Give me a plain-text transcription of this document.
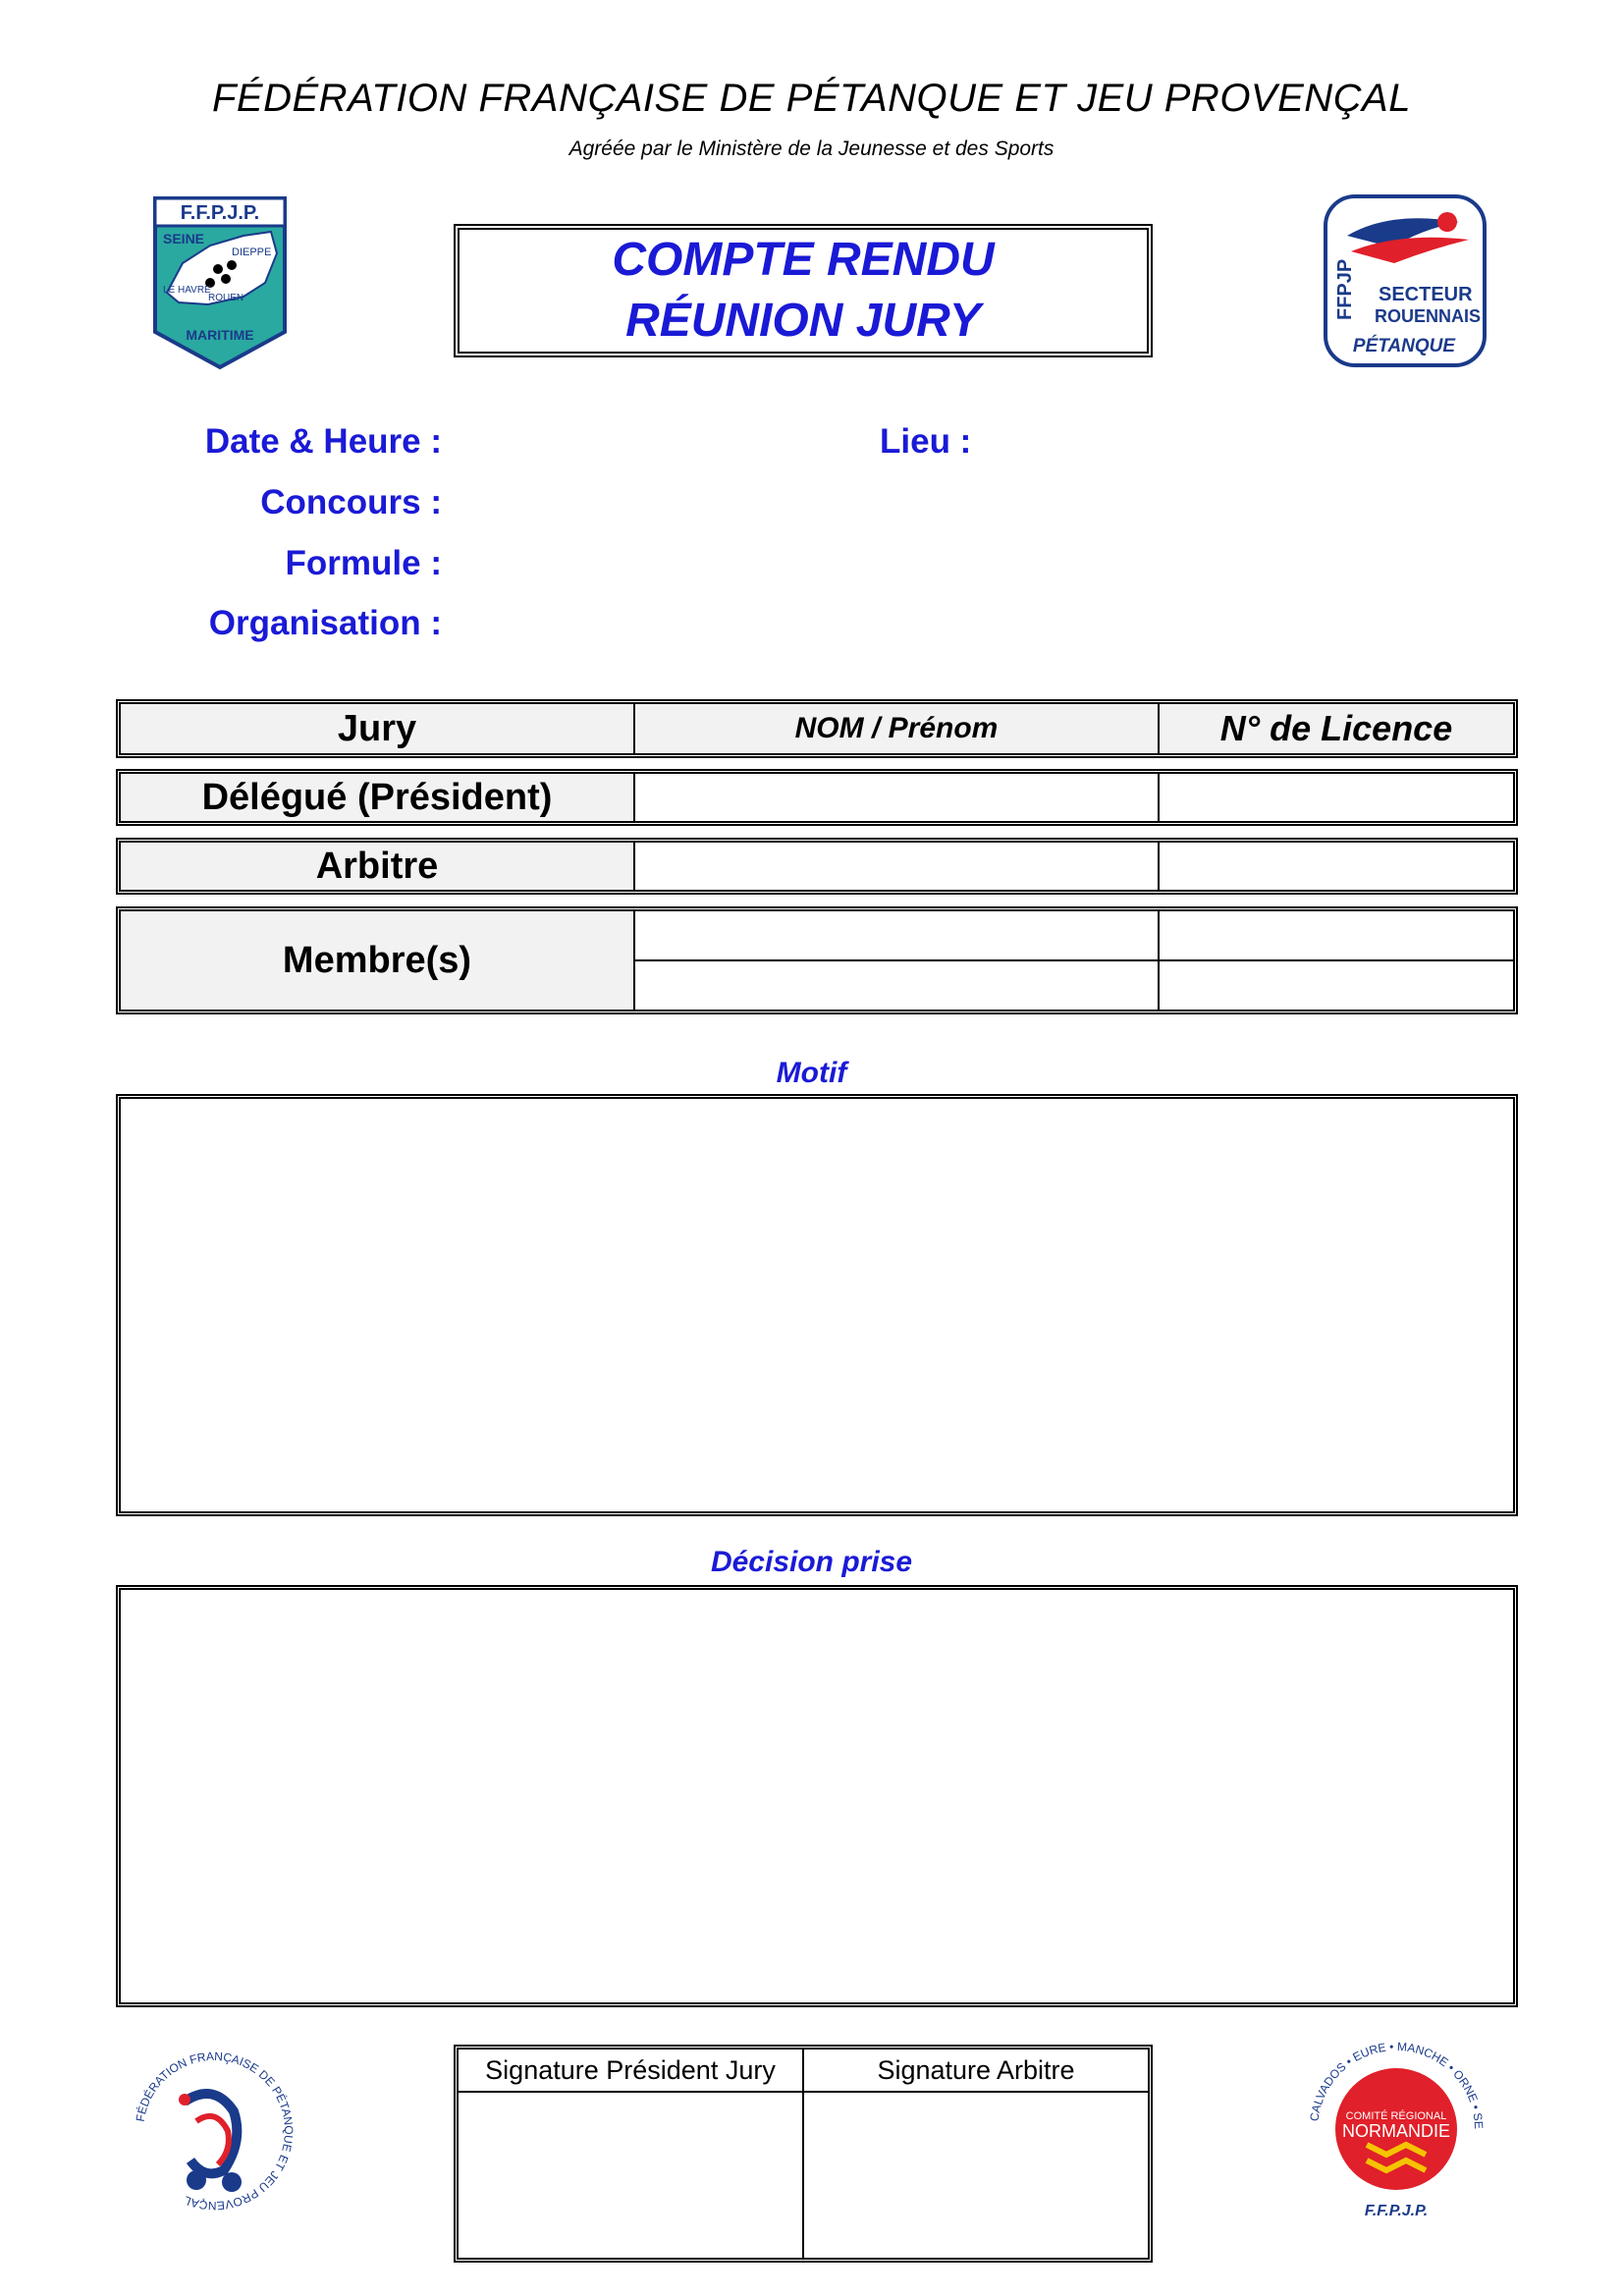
FÉDÉRATION FRANÇAISE DE PÉTANQUE ET JEU PROVENÇAL
Agréée par le Ministère de la Jeunesse et des Sports
F.F.P.J.P.
SEINE
DIEPPE
LE HAVRE
ROUEN
MARITIME
COMPTE RENDU
RÉUNION JURY
FFPJP SECTEUR
ROUENNAIS
PÉTANQUE
Date & Heure :	Lieu :
Concours :
Formule :
Organisation :
Jury	NOM / Prénom	N° de Licence
Délégué (Président)
Arbitre
Membre(s)
Motif
Décision prise
FÉDÉRATION FRANÇAISE DE PÉTANQUE ET JEU PROVENÇAL
Signature Président Jury	Signature Arbitre
CALVADOS • EURE • MANCHE • ORNE • SE
COMITÉ RÉGIONAL
NORMANDIE
F.F.P.J.P.
